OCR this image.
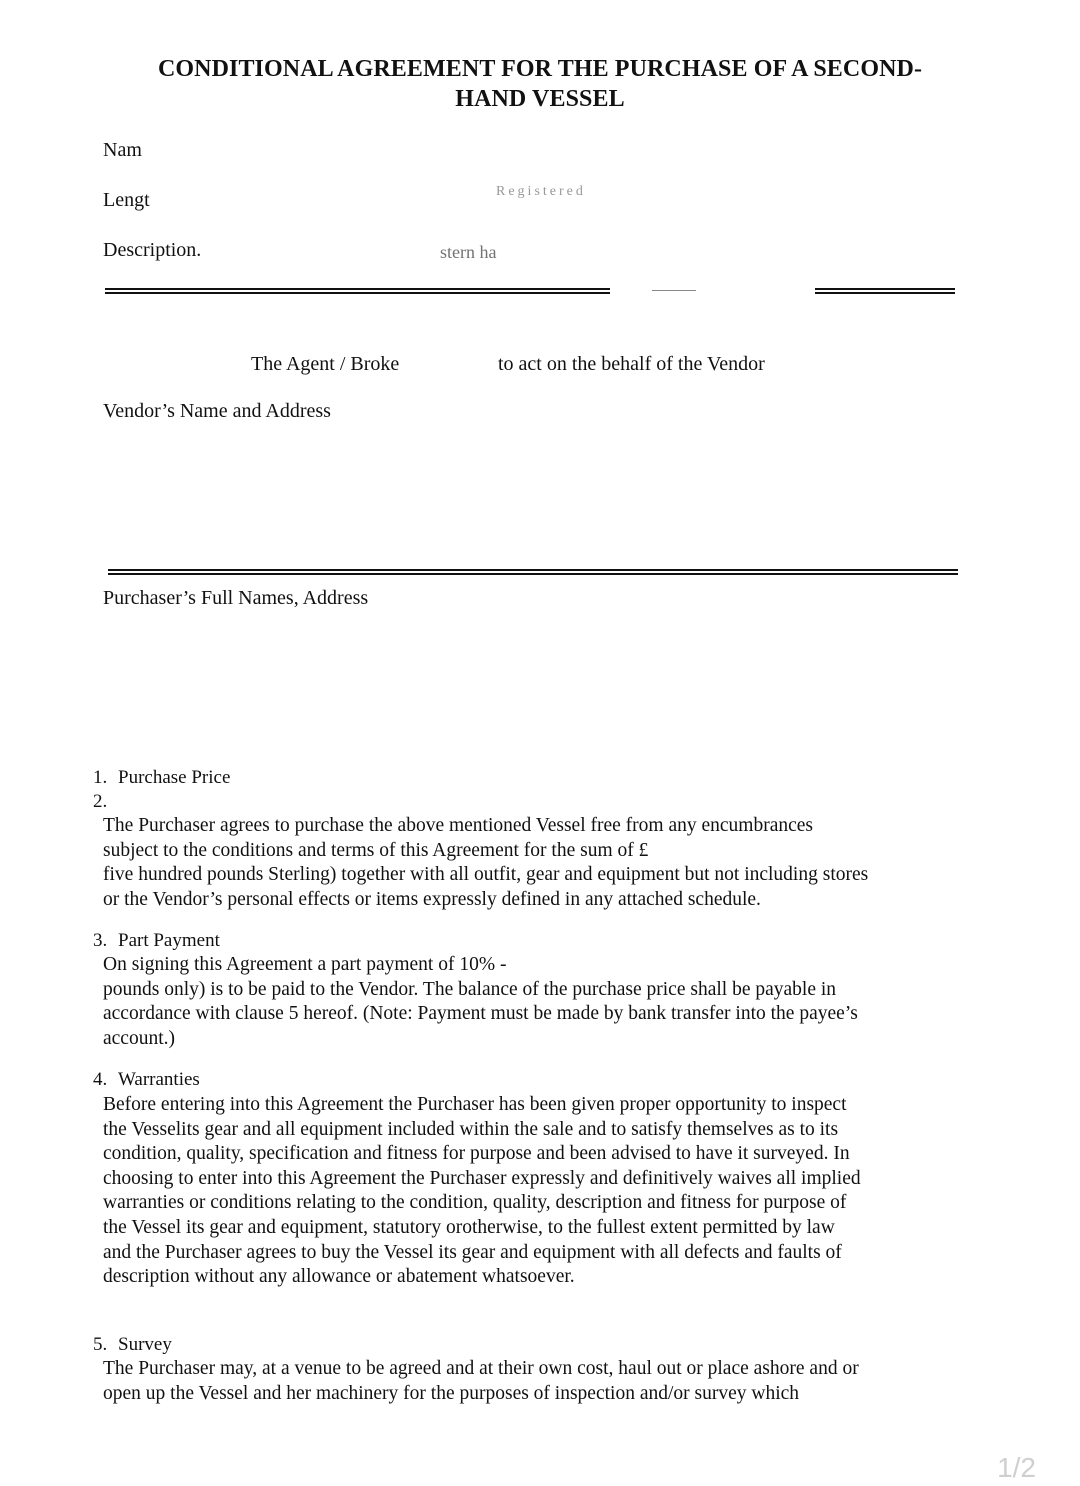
CONDITIONAL AGREEMENT FOR THE PURCHASE OF A SECOND-
HAND VESSEL
Nam
Lengt	Registered
Description.	stern ha
The Agent / Broke	to act on the behalf of the Vendor
Vendor’s Name and Address
Purchaser’s Full Names, Address
1. Purchase Price
2.
The Purchaser agrees to purchase the above mentioned Vessel free from any encumbrances
subject to the conditions and terms of this Agreement for the sum of £
five hundred pounds Sterling) together with all outfit, gear and equipment but not including stores
or the Vendor’s personal effects or items expressly defined in any attached schedule.
3. Part Payment
On signing this Agreement a part payment of 10% -
pounds only) is to be paid to the Vendor. The balance of the purchase price shall be payable in
accordance with clause 5 hereof. (Note: Payment must be made by bank transfer into the payee’s
account.)
4. Warranties
Before entering into this Agreement the Purchaser has been given proper opportunity to inspect
the Vesselits gear and all equipment included within the sale and to satisfy themselves as to its
condition, quality, specification and fitness for purpose and been advised to have it surveyed. In
choosing to enter into this Agreement the Purchaser expressly and definitively waives all implied
warranties or conditions relating to the condition, quality, description and fitness for purpose of
the Vessel its gear and equipment, statutory orotherwise, to the fullest extent permitted by law
and the Purchaser agrees to buy the Vessel its gear and equipment with all defects and faults of
description without any allowance or abatement whatsoever.
5. Survey
The Purchaser may, at a venue to be agreed and at their own cost, haul out or place ashore and or
open up the Vessel and her machinery for the purposes of inspection and/or survey which
1/2
